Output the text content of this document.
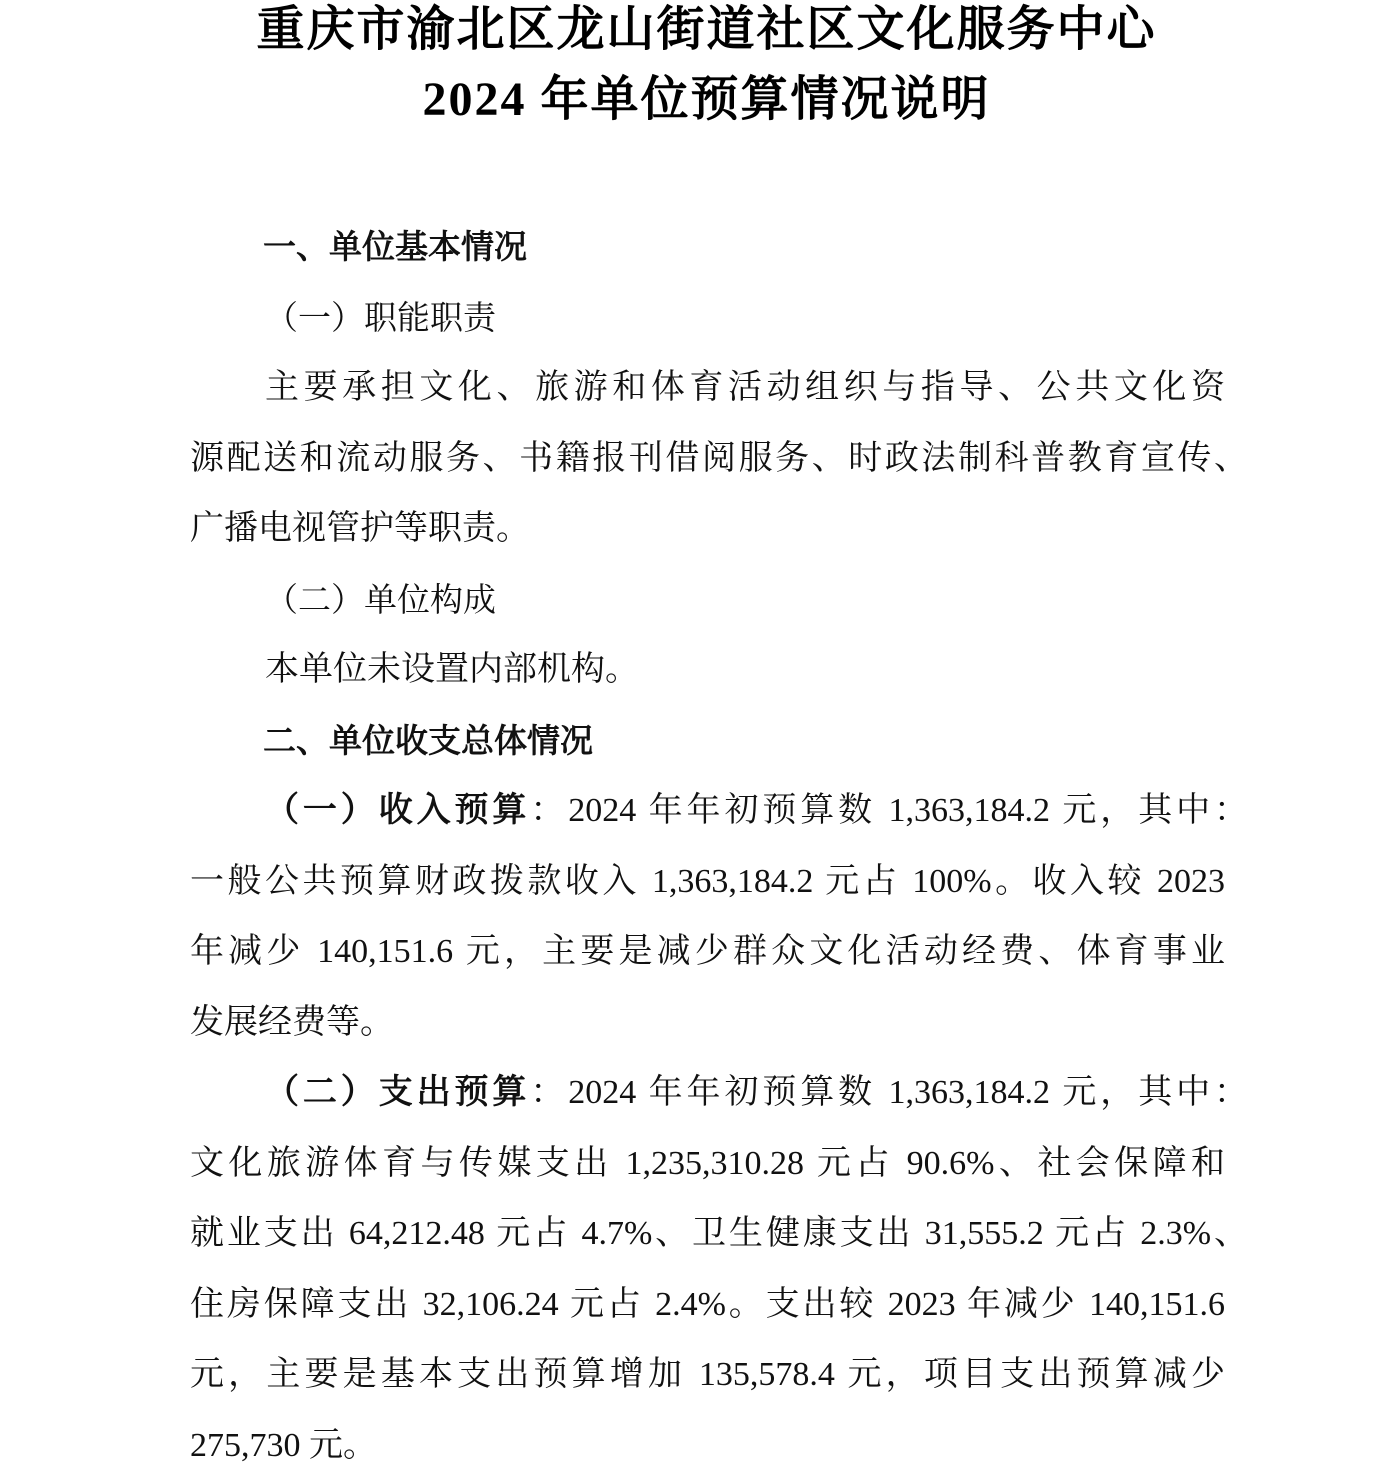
重庆市渝北区龙山街道社区文化服务中心
2024 年单位预算情况说明
一、单位基本情况
（一）职能职责
主要承担文化、旅游和体育活动组织与指导、公共文化资
源配送和流动服务、书籍报刊借阅服务、时政法制科普教育宣传、
广播电视管护等职责。
（二）单位构成
本单位未设置内部机构。
二、单位收支总体情况
（一）收入预算：2024 年年初预算数 1,363,184.2 元，其中：
一般公共预算财政拨款收入 1,363,184.2 元占 100%。收入较 2023
年减少 140,151.6 元，主要是减少群众文化活动经费、体育事业
发展经费等。
（二）支出预算：2024 年年初预算数 1,363,184.2 元，其中：
文化旅游体育与传媒支出 1,235,310.28 元占 90.6%、社会保障和
就业支出 64,212.48 元占 4.7%、卫生健康支出 31,555.2 元占 2.3%、
住房保障支出 32,106.24 元占 2.4%。支出较 2023 年减少 140,151.6
元，主要是基本支出预算增加 135,578.4 元，项目支出预算减少
275,730 元。
